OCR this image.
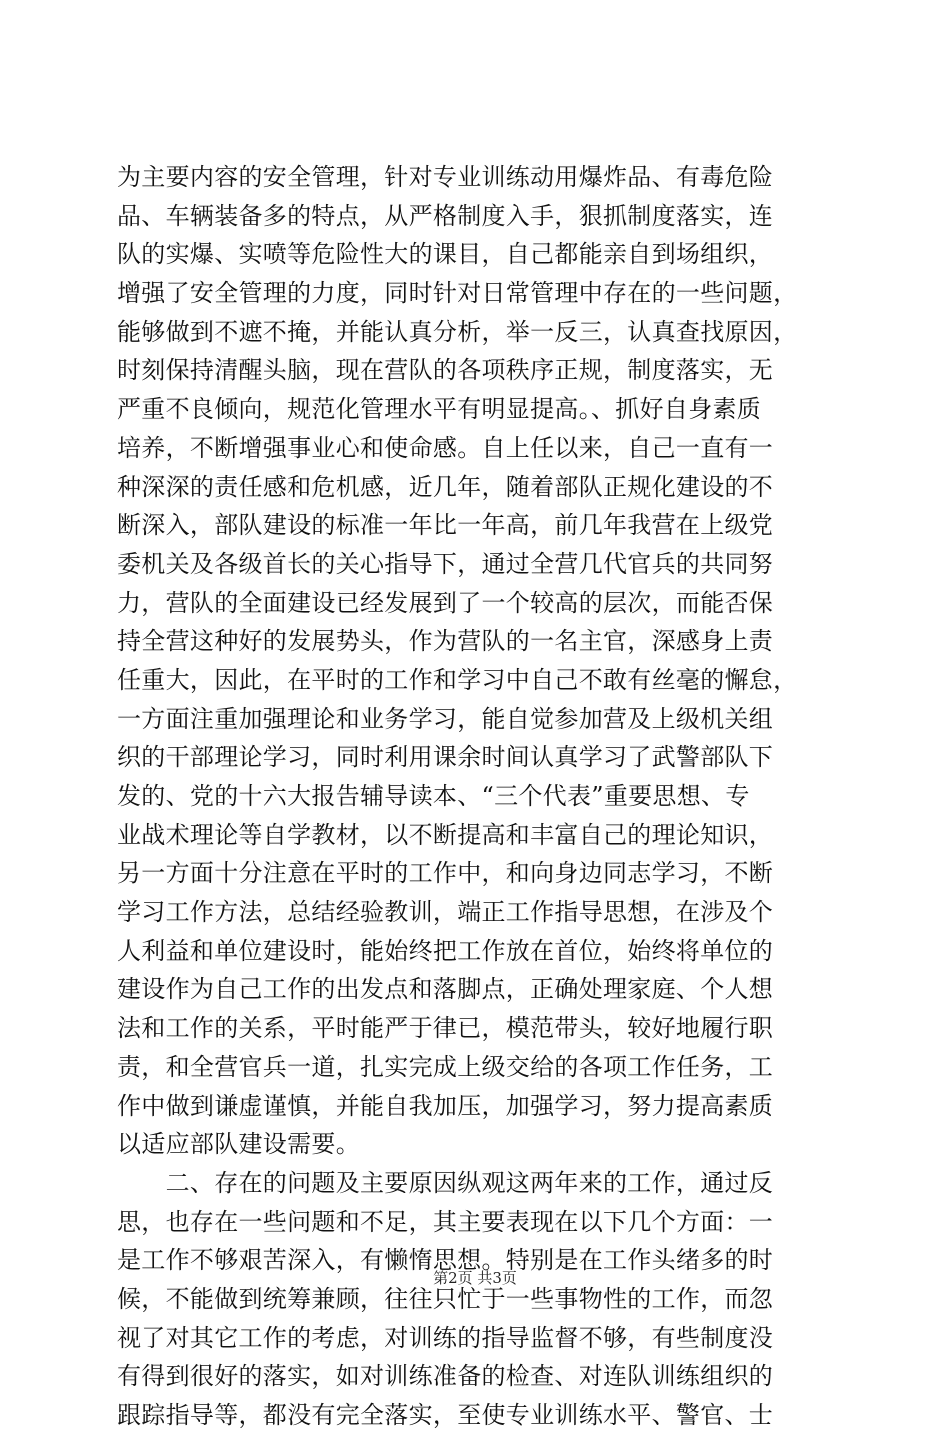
为主要内容的安全管理，针对专业训练动用爆炸品、有毒危险
品、车辆装备多的特点，从严格制度入手，狠抓制度落实，连
队的实爆、实喷等危险性大的课目，自己都能亲自到场组织，
增强了安全管理的力度，同时针对日常管理中存在的一些问题，
能够做到不遮不掩，并能认真分析，举一反三，认真查找原因，
时刻保持清醒头脑，现在营队的各项秩序正规，制度落实，无
严重不良倾向，规范化管理水平有明显提高。、抓好自身素质
培养，不断增强事业心和使命感。自上任以来，自己一直有一
种深深的责任感和危机感，近几年，随着部队正规化建设的不
断深入，部队建设的标准一年比一年高，前几年我营在上级党
委机关及各级首长的关心指导下，通过全营几代官兵的共同努
力，营队的全面建设已经发展到了一个较高的层次，而能否保
持全营这种好的发展势头，作为营队的一名主官，深感身上责
任重大，因此，在平时的工作和学习中自己不敢有丝毫的懈怠，
一方面注重加强理论和业务学习，能自觉参加营及上级机关组
织的干部理论学习，同时利用课余时间认真学习了武警部队下
发的、党的十六大报告辅导读本、“三个代表”重要思想、专
业战术理论等自学教材，以不断提高和丰富自己的理论知识，
另一方面十分注意在平时的工作中，和向身边同志学习，不断
学习工作方法，总结经验教训，端正工作指导思想，在涉及个
人利益和单位建设时，能始终把工作放在首位，始终将单位的
建设作为自己工作的出发点和落脚点，正确处理家庭、个人想
法和工作的关系，平时能严于律已，模范带头，较好地履行职
责，和全营官兵一道，扎实完成上级交给的各项工作任务，工
作中做到谦虚谨慎，并能自我加压，加强学习，努力提高素质
以适应部队建设需要。
　　二、存在的问题及主要原因纵观这两年来的工作，通过反
思，也存在一些问题和不足，其主要表现在以下几个方面：一
是工作不够艰苦深入，有懒惰思想。特别是在工作头绪多的时
候，不能做到统筹兼顾，往往只忙于一些事物性的工作，而忽
视了对其它工作的考虑，对训练的指导监督不够，有些制度没
有得到很好的落实，如对训练准备的检查、对连队训练组织的
跟踪指导等，都没有完全落实，至使专业训练水平、警官、士
第2页 共3页
